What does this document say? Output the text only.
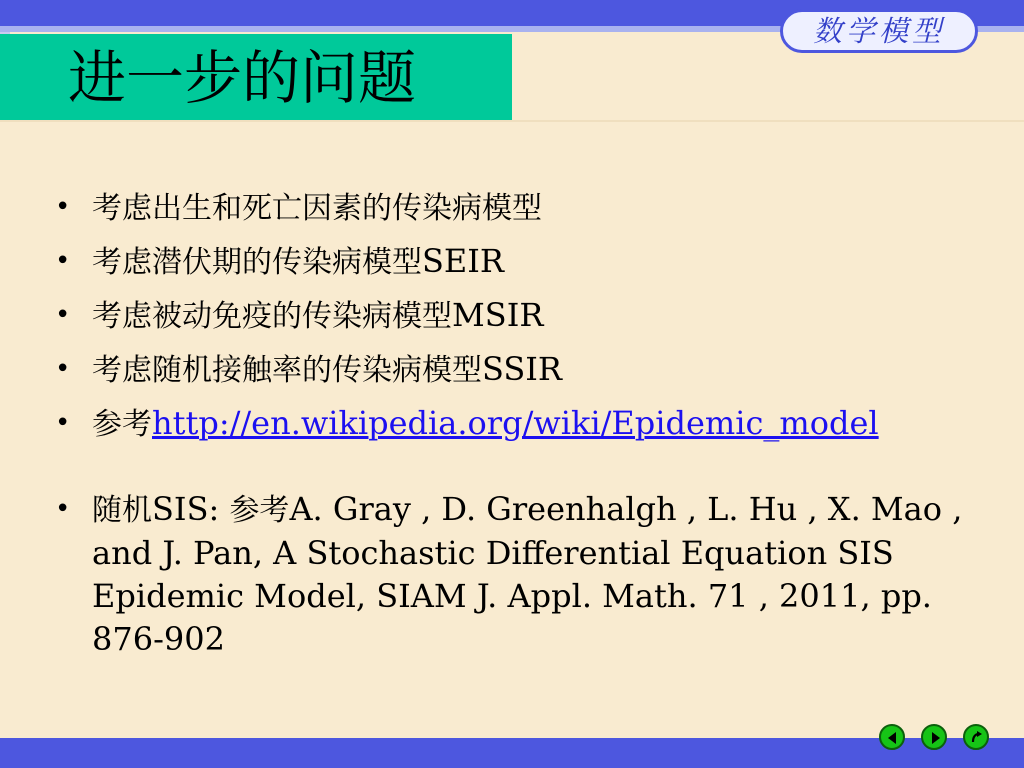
进一步的问题
数学模型
• 考虑出生和死亡因素的传染病模型
• 考虑潜伏期的传染病模型SEIR
• 考虑被动免疫的传染病模型MSIR
• 考虑随机接触率的传染病模型SSIR
• 参考http://en.wikipedia.org/wiki/Epidemic_model
• 随机SIS: 参考A. Gray , D. Greenhalgh , L. Hu , X. Mao , and J. Pan, A Stochastic Differential Equation SIS Epidemic Model, SIAM J. Appl. Math. 71 , 2011, pp. 876-902
